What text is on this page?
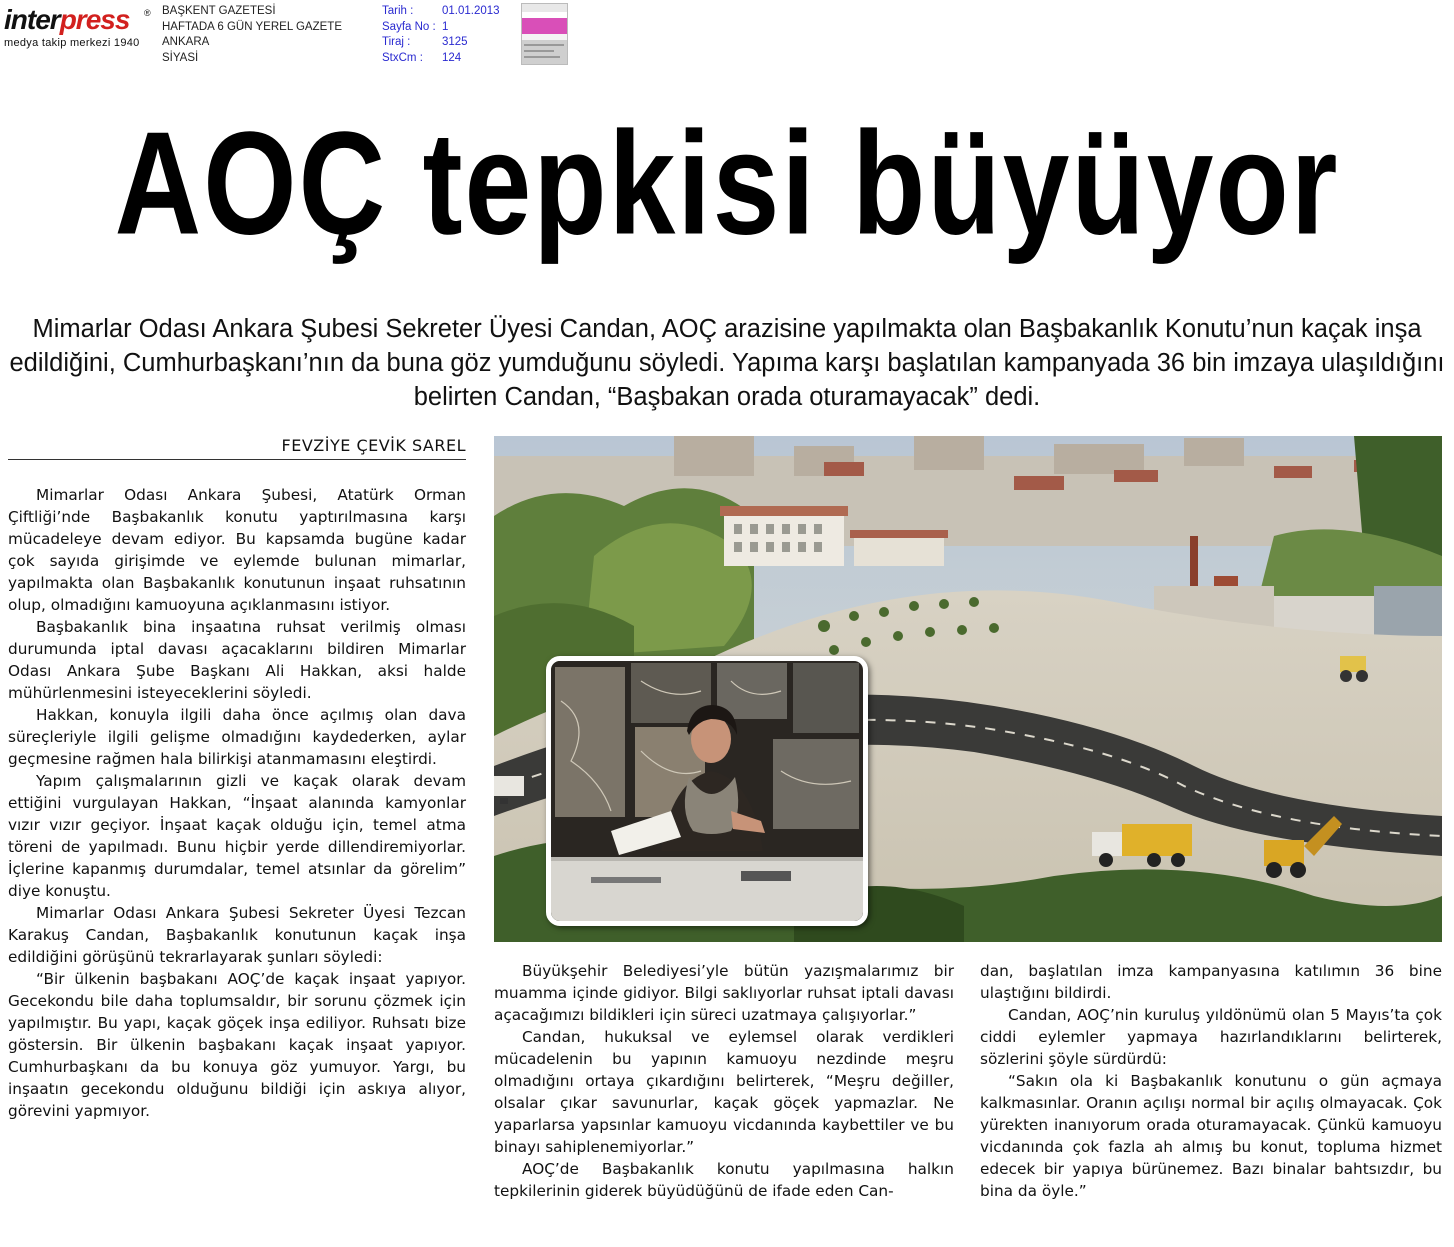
interpress	®
medya takip merkezi 1940
BAŞKENT GAZETESİ
HAFTADA 6 GÜN YEREL GAZETE
ANKARA
SİYASİ
Tarih :	01.01.2013
Sayfa No : 1
Tiraj :	3125
StxCm :	124
AOÇ tepkisi büyüyor
Mimarlar Odası Ankara Şubesi Sekreter Üyesi Candan, AOÇ arazisine yapılmakta olan Başbakanlık Konutu’nun kaçak inşa edildiğini, Cumhurbaşkanı’nın da buna göz yumduğunu söyledi. Yapıma karşı başlatılan kampanyada 36 bin imzaya ulaşıldığını belirten Candan, “Başbakan orada oturamayacak” dedi.
FEVZİYE ÇEVİK SAREL

Mimarlar Odası Ankara Şubesi, Atatürk Orman Çiftliği’nde Başbakanlık konutu yaptırılmasına karşı mücadeleye devam ediyor. Bu kapsamda bugüne kadar çok sayıda girişimde ve eylemde bulunan mimarlar, yapılmakta olan Başbakanlık konutunun inşaat ruhsatının olup, olmadığını kamuoyuna açıklanmasını istiyor.

Başbakanlık bina inşaatına ruhsat verilmiş olması durumunda iptal davası açacaklarını bildiren Mimarlar Odası Ankara Şube Başkanı Ali Hakkan, aksi halde mühürlenmesini isteyeceklerini söyledi.

Hakkan, konuyla ilgili daha önce açılmış olan dava süreçleriyle ilgili gelişme olmadığını kaydederken, aylar geçmesine rağmen hala bilirkişi atanmamasını eleştirdi.

Yapım çalışmalarının gizli ve kaçak olarak devam ettiğini vurgulayan Hakkan, “İnşaat alanında kamyonlar vızır vızır geçiyor. İnşaat kaçak olduğu için, temel atma töreni de yapılmadı. Bunu hiçbir yerde dillendiremiyorlar. İçlerine kapanmış durumdalar, temel atsınlar da görelim” diye konuştu.

Mimarlar Odası Ankara Şubesi Sekreter Üyesi Tezcan Karakuş Candan, Başbakanlık konutunun kaçak inşa edildiğini görüşünü tekrarlayarak şunları söyledi:

“Bir ülkenin başbakanı AOÇ’de kaçak inşaat yapıyor. Gecekondu bile daha toplumsaldır, bir sorunu çözmek için yapılmıştır. Bu yapı, kaçak göçek inşa ediliyor. Ruhsatı bize göstersin. Bir ülkenin başbakanı kaçak inşaat yapıyor. Cumhurbaşkanı da bu konuya göz yumuyor. Yargı, bu inşaatın gecekondu olduğunu bildiği için askıya alıyor, görevini yapmıyor.

Büyükşehir Belediyesi’yle bütün yazışmalarımız bir muamma içinde gidiyor. Bilgi saklıyorlar ruhsat iptali davası açacağımızı bildikleri için süreci uzatmaya çalışıyorlar.”

Candan, hukuksal ve eylemsel olarak verdikleri mücadelenin bu yapının kamuoyu nezdinde meşru olmadığını ortaya çıkardığını belirterek, “Meşru değiller, olsalar çıkar savunurlar, kaçak göçek yapmazlar. Ne yaparlarsa yapsınlar kamuoyu vicdanında kaybettiler ve bu binayı sahiplenemiyorlar.”

AOÇ’de Başbakanlık konutu yapılmasına halkın tepkilerinin giderek büyüdüğünü de ifade eden Can-

dan, başlatılan imza kampanyasına katılımın 36 bine ulaştığını bildirdi.

Candan, AOÇ’nin kuruluş yıldönümü olan 5 Mayıs’ta çok ciddi eylemler yapmaya hazırlandıklarını belirterek, sözlerini şöyle sürdürdü:

“Sakın ola ki Başbakanlık konutunu o gün açmaya kalkmasınlar. Oranın açılışı normal bir açılış olmayacak. Çok yürekten inanıyorum orada oturamayacak. Çünkü kamuoyu vicdanında çok fazla ah almış bu konut, topluma hizmet edecek bir yapıya bürünemez. Bazı binalar bahtsızdır, bu bina da öyle.”
